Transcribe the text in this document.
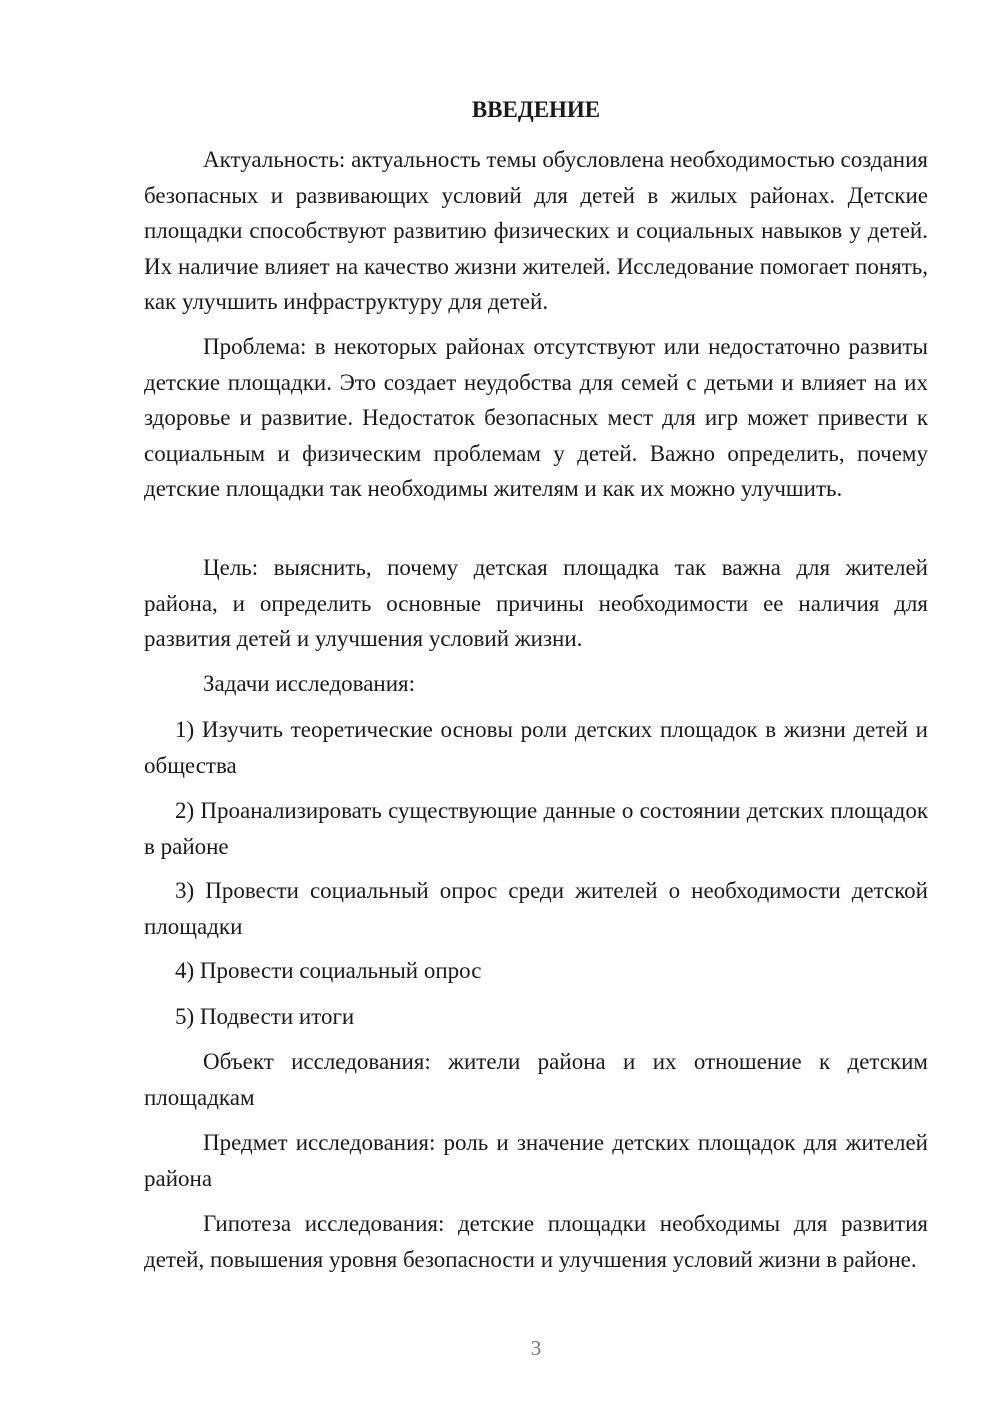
ВВЕДЕНИЕ
Актуальность: актуальность темы обусловлена необходимостью создания безопасных и развивающих условий для детей в жилых районах. Детские площадки способствуют развитию физических и социальных навыков у детей. Их наличие влияет на качество жизни жителей. Исследование помогает понять, как улучшить инфраструктуру для детей.
Проблема: в некоторых районах отсутствуют или недостаточно развиты детские площадки. Это создает неудобства для семей с детьми и влияет на их здоровье и развитие. Недостаток безопасных мест для игр может привести к социальным и физическим проблемам у детей. Важно определить, почему детские площадки так необходимы жителям и как их можно улучшить.
Цель: выяснить, почему детская площадка так важна для жителей района, и определить основные причины необходимости ее наличия для развития детей и улучшения условий жизни.
Задачи исследования:
1) Изучить теоретические основы роли детских площадок в жизни детей и общества
2) Проанализировать существующие данные о состоянии детских площадок в районе
3) Провести социальный опрос среди жителей о необходимости детской площадки
4) Провести социальный опрос
5) Подвести итоги
Объект исследования: жители района и их отношение к детским площадкам
Предмет исследования: роль и значение детских площадок для жителей района
Гипотеза исследования: детские площадки необходимы для развития детей, повышения уровня безопасности и улучшения условий жизни в районе.
3
